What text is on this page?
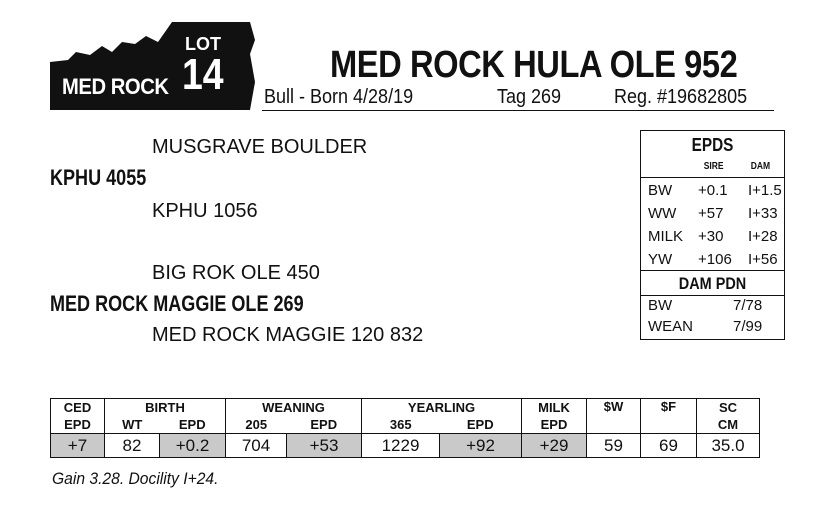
MED ROCK
LOT
14	MED ROCK HULA OLE 952
Bull - Born 4/28/19	Tag 269	Reg. #19682805
MUSGRAVE BOULDER
KPHU 4055
KPHU 1056
BIG ROK OLE 450
MED ROCK MAGGIE OLE 269
MED ROCK MAGGIE 120 832
EPDS
SIRE	DAM
BW +0.1 I+1.5
WW +57 I+33
MILK +30 I+28
YW +106 I+56
DAM PDN
BW	7/78
WEAN	7/99
CED	BIRTH		WEANING		YEARLING		MILK	$W	$F	SC
EPD	WT	EPD	205	EPD	365	EPD	EPD			CM
+7	82	+0.2	704	+53	1229	+92	+29	59	69	35.0
Gain 3.28. Docility I+24.
